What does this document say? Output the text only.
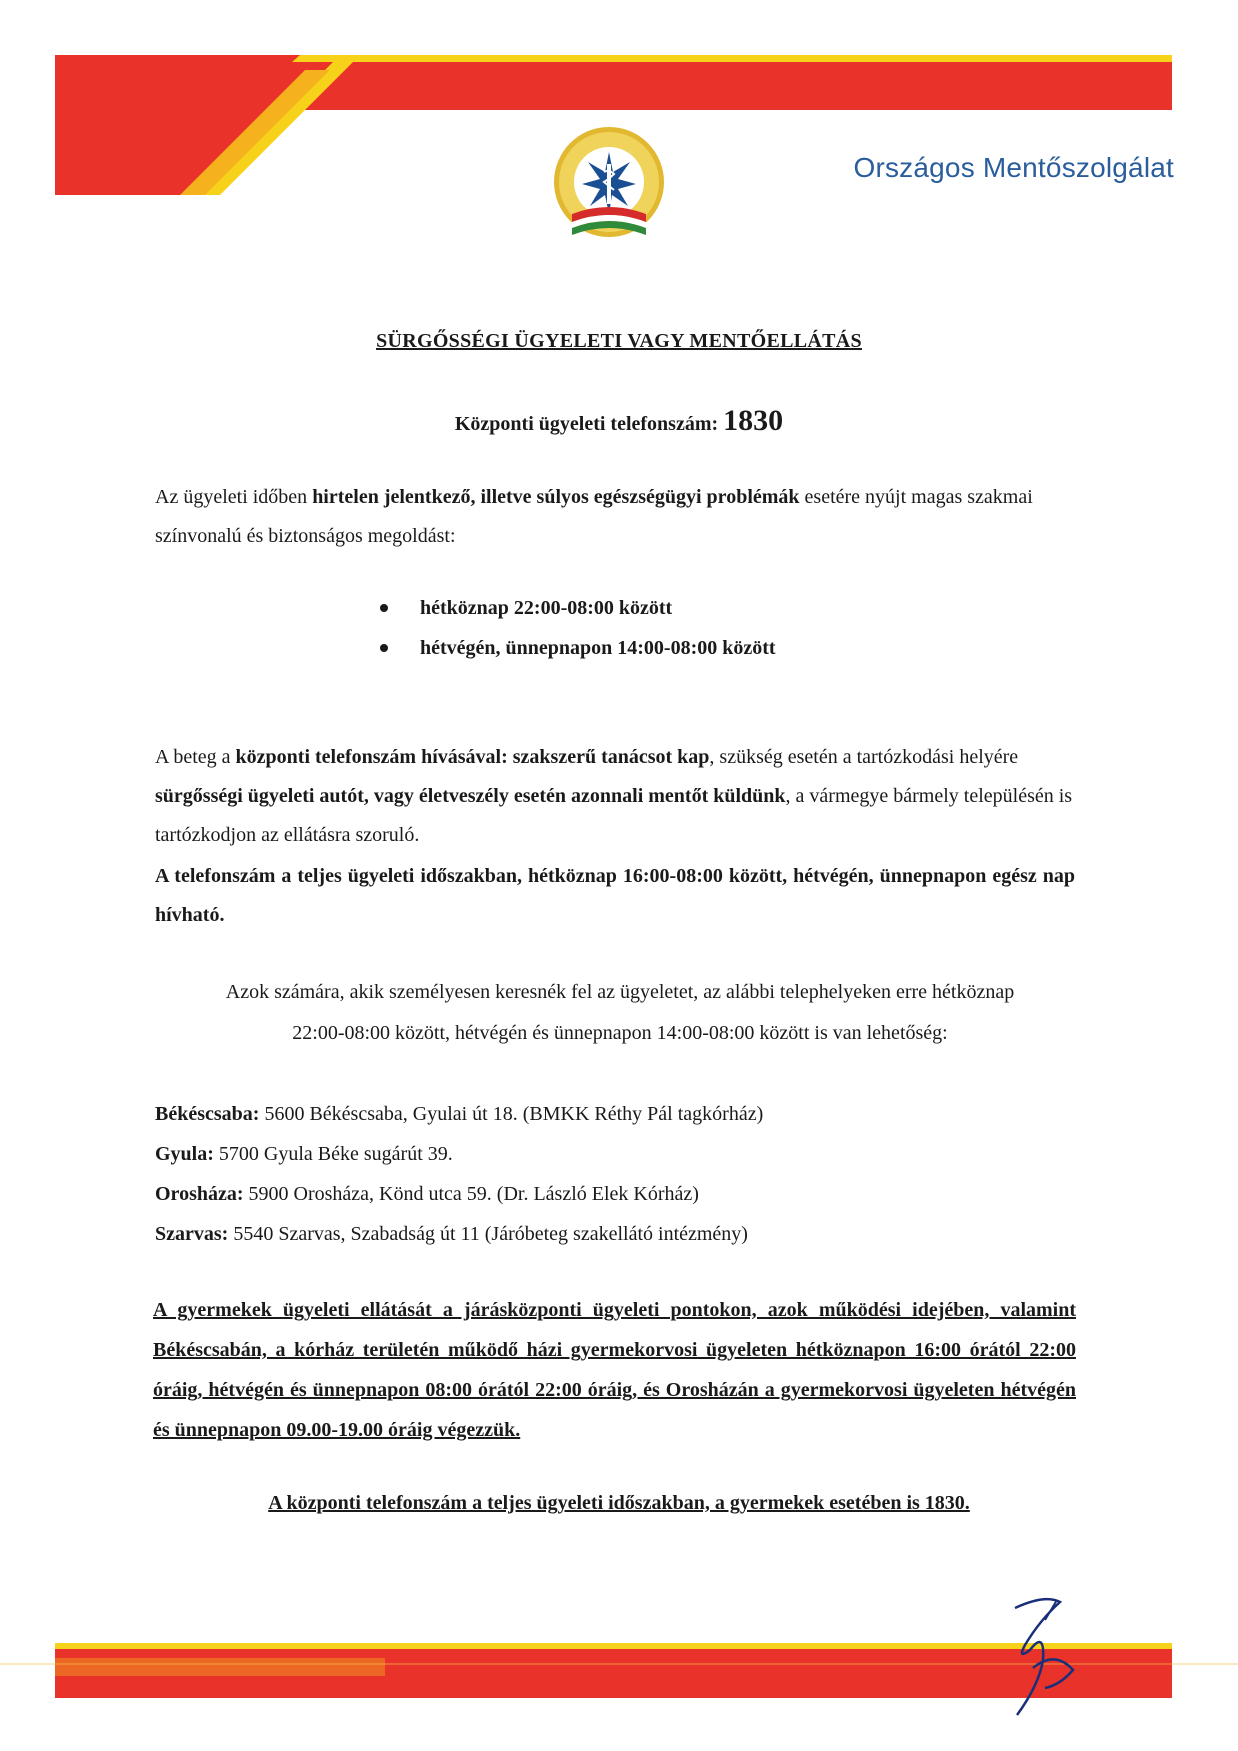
Országos Mentőszolgálat
SÜRGŐSSÉGI ÜGYELETI VAGY MENTŐELLÁTÁS
Központi ügyeleti telefonszám: 1830
Az ügyeleti időben hirtelen jelentkező, illetve súlyos egészségügyi problémák esetére nyújt magas szakmai színvonalú és biztonságos megoldást:
hétköznap 22:00-08:00 között
hétvégén, ünnepnapon 14:00-08:00 között
A beteg a központi telefonszám hívásával: szakszerű tanácsot kap, szükség esetén a tartózkodási helyére sürgősségi ügyeleti autót, vagy életveszély esetén azonnali mentőt küldünk, a vármegye bármely településén is tartózkodjon az ellátásra szoruló.
A telefonszám a teljes ügyeleti időszakban, hétköznap 16:00-08:00 között, hétvégén, ünnepnapon egész nap hívható.
Azok számára, akik személyesen keresnék fel az ügyeletet, az alábbi telephelyeken erre hétköznap
22:00-08:00 között, hétvégén és ünnepnapon 14:00-08:00 között is van lehetőség:
Békéscsaba: 5600 Békéscsaba, Gyulai út 18. (BMKK Réthy Pál tagkórház)
Gyula: 5700 Gyula Béke sugárút 39.
Orosháza: 5900 Orosháza, Könd utca 59. (Dr. László Elek Kórház)
Szarvas: 5540 Szarvas, Szabadság út 11 (Járóbeteg szakellátó intézmény)
A gyermekek ügyeleti ellátását a járásközponti ügyeleti pontokon, azok működési idejében, valamint Békéscsabán, a kórház területén működő házi gyermekorvosi ügyeleten hétköznapon 16:00 órától 22:00 óráig, hétvégén és ünnepnapon 08:00 órától 22:00 óráig, és Orosházán a gyermekorvosi ügyeleten hétvégén és ünnepnapon 09.00-19.00 óráig végezzük.
A központi telefonszám a teljes ügyeleti időszakban, a gyermekek esetében is 1830.
